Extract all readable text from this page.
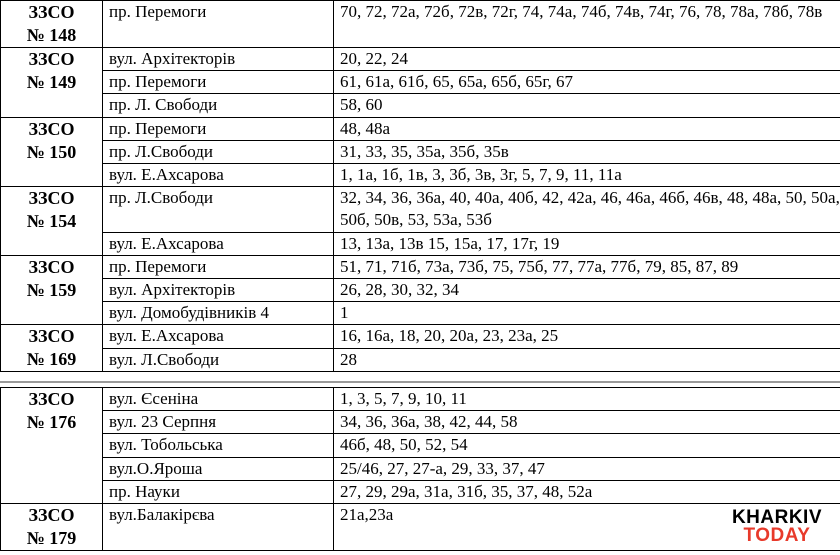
ЗЗСО
№ 148	пр. Перемоги	70, 72, 72а, 72б, 72в, 72г, 74, 74а, 74б, 74в, 74г, 76, 78, 78а, 78б, 78в

ЗЗСО
№ 149	вул. Архітекторів	20, 22, 24
	пр. Перемоги	61, 61а, 61б, 65, 65а, 65б, 65г, 67
	пр. Л. Свободи	58, 60

ЗЗСО
№ 150	пр. Перемоги	48, 48а
	пр. Л.Свободи	31, 33, 35, 35а, 35б, 35в
	вул. Е.Ахсарова	1, 1а, 1б, 1в, 3, 3б, 3в, 3г, 5, 7, 9, 11, 11а

ЗЗСО
№ 154	пр. Л.Свободи	32, 34, 36, 36а, 40, 40а, 40б, 42, 42а, 46, 46а, 46б, 46в, 48, 48а, 50, 50а, 50б, 50в, 53, 53а, 53б
	вул. Е.Ахсарова	13, 13а, 13в 15, 15а, 17, 17г, 19

ЗЗСО
№ 159	пр. Перемоги	51, 71, 71б, 73а, 73б, 75, 75б, 77, 77а, 77б, 79, 85, 87, 89
	вул. Архітекторів	26, 28, 30, 32, 34
	вул. Домобудівників 4	1

ЗЗСО
№ 169	вул. Е.Ахсарова	16, 16а, 18, 20, 20а, 23, 23а, 25
	вул. Л.Свободи	28
ЗЗСО
№ 176	вул. Єсеніна	1, 3, 5, 7, 9, 10, 11
	вул. 23 Серпня	34, 36, 36а, 38, 42, 44, 58
	вул. Тобольська	46б, 48, 50, 52, 54
	вул.О.Яроша	25/46, 27, 27-а, 29, 33, 37, 47
	пр. Науки	27, 29, 29а, 31а, 31б, 35, 37, 48, 52а

ЗЗСО
№ 179	вул.Балакірєва	21а,23а	KHARKIV
TODAY
